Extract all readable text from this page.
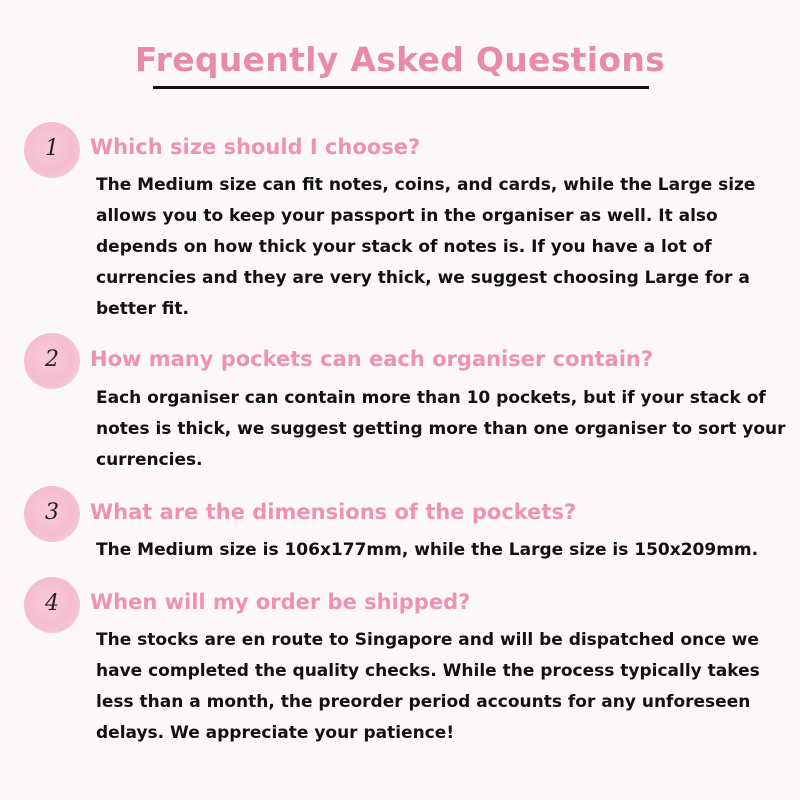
Frequently Asked Questions
1	Which size should I choose?
The Medium size can fit notes, coins, and cards, while the Large size allows you to keep your passport in the organiser as well. It also depends on how thick your stack of notes is. If you have a lot of currencies and they are very thick, we suggest choosing Large for a better fit.
2	How many pockets can each organiser contain?
Each organiser can contain more than 10 pockets, but if your stack of notes is thick, we suggest getting more than one organiser to sort your currencies.
3	What are the dimensions of the pockets?
The Medium size is 106x177mm, while the Large size is 150x209mm.
4	When will my order be shipped?
The stocks are en route to Singapore and will be dispatched once we have completed the quality checks. While the process typically takes less than a month, the preorder period accounts for any unforeseen delays. We appreciate your patience!
